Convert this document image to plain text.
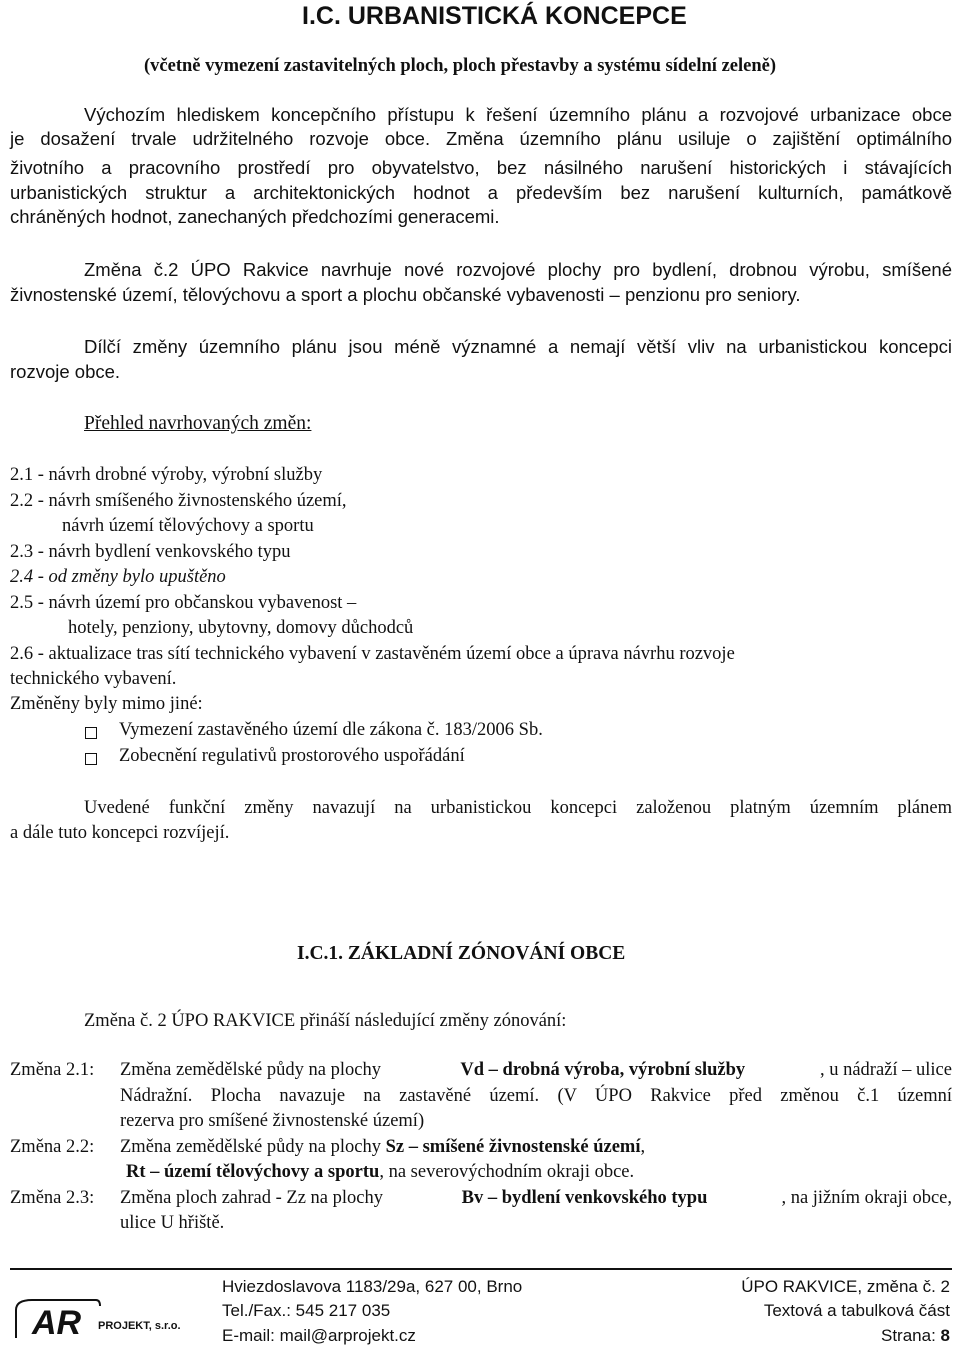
I.C. URBANISTICKÁ KONCEPCE
(včetně vymezení zastavitelných ploch, ploch přestavby a systému sídelní zeleně)
Výchozím hlediskem koncepčního přístupu k řešení územního plánu a rozvojové urbanizace obce
je dosažení trvale udržitelného rozvoje obce. Změna územního plánu usiluje o zajištění optimálního
životního a pracovního prostředí pro obyvatelstvo, bez násilného narušení historických i stávajících
urbanistických struktur a architektonických hodnot a především bez narušení kulturních, památkově
chráněných hodnot, zanechaných předchozími generacemi.
Změna č.2 ÚPO Rakvice navrhuje nové rozvojové plochy pro bydlení, drobnou výrobu, smíšené
živnostenské území, tělovýchovu a sport a plochu občanské vybavenosti – penzionu pro seniory.
Dílčí změny územního plánu jsou méně významné a nemají větší vliv na urbanistickou koncepci
rozvoje obce.
Přehled navrhovaných změn:
2.1 - návrh drobné výroby, výrobní služby
2.2 - návrh smíšeného živnostenského území,
návrh území tělovýchovy a sportu
2.3 - návrh bydlení venkovského typu
2.4 - od změny bylo upuštěno
2.5 - návrh území pro občanskou vybavenost –
hotely, penziony, ubytovny, domovy důchodců
2.6 - aktualizace tras sítí technického vybavení v zastavěném území obce a úprava návrhu rozvoje
technického vybavení.
Změněny byly mimo jiné:
Vymezení zastavěného území dle zákona č. 183/2006 Sb.
Zobecnění regulativů prostorového uspořádání
Uvedené funkční změny navazují na urbanistickou koncepci založenou platným územním plánem
a dále tuto koncepci rozvíjejí.
I.C.1. ZÁKLADNÍ ZÓNOVÁNÍ OBCE
Změna č. 2 ÚPO RAKVICE přináší následující změny zónování:
Změna 2.1: Změna zemědělské půdy na plochy	Vd – drobná výroba, výrobní služby	, u nádraží – ulice
Nádražní. Plocha navazuje na zastavěné území. (V ÚPO Rakvice před změnou č.1 územní
rezerva pro smíšené živnostenské území)
Změna 2.2: Změna zemědělské půdy na plochy Sz – smíšené živnostenské území,
Rt – území tělovýchovy a sportu, na severovýchodním okraji obce.
Změna 2.3: Změna ploch zahrad - Zz na plochy	Bv – bydlení venkovského typu	, na jižním okraji obce,
ulice U hřiště.
AR PROJEKT, s.r.o.
Hviezdoslavova 1183/29a, 627 00, Brno
Tel./Fax.: 545 217 035
E-mail: mail@arprojekt.cz
ÚPO RAKVICE, změna č. 2
Textová a tabulková část
Strana: 8
